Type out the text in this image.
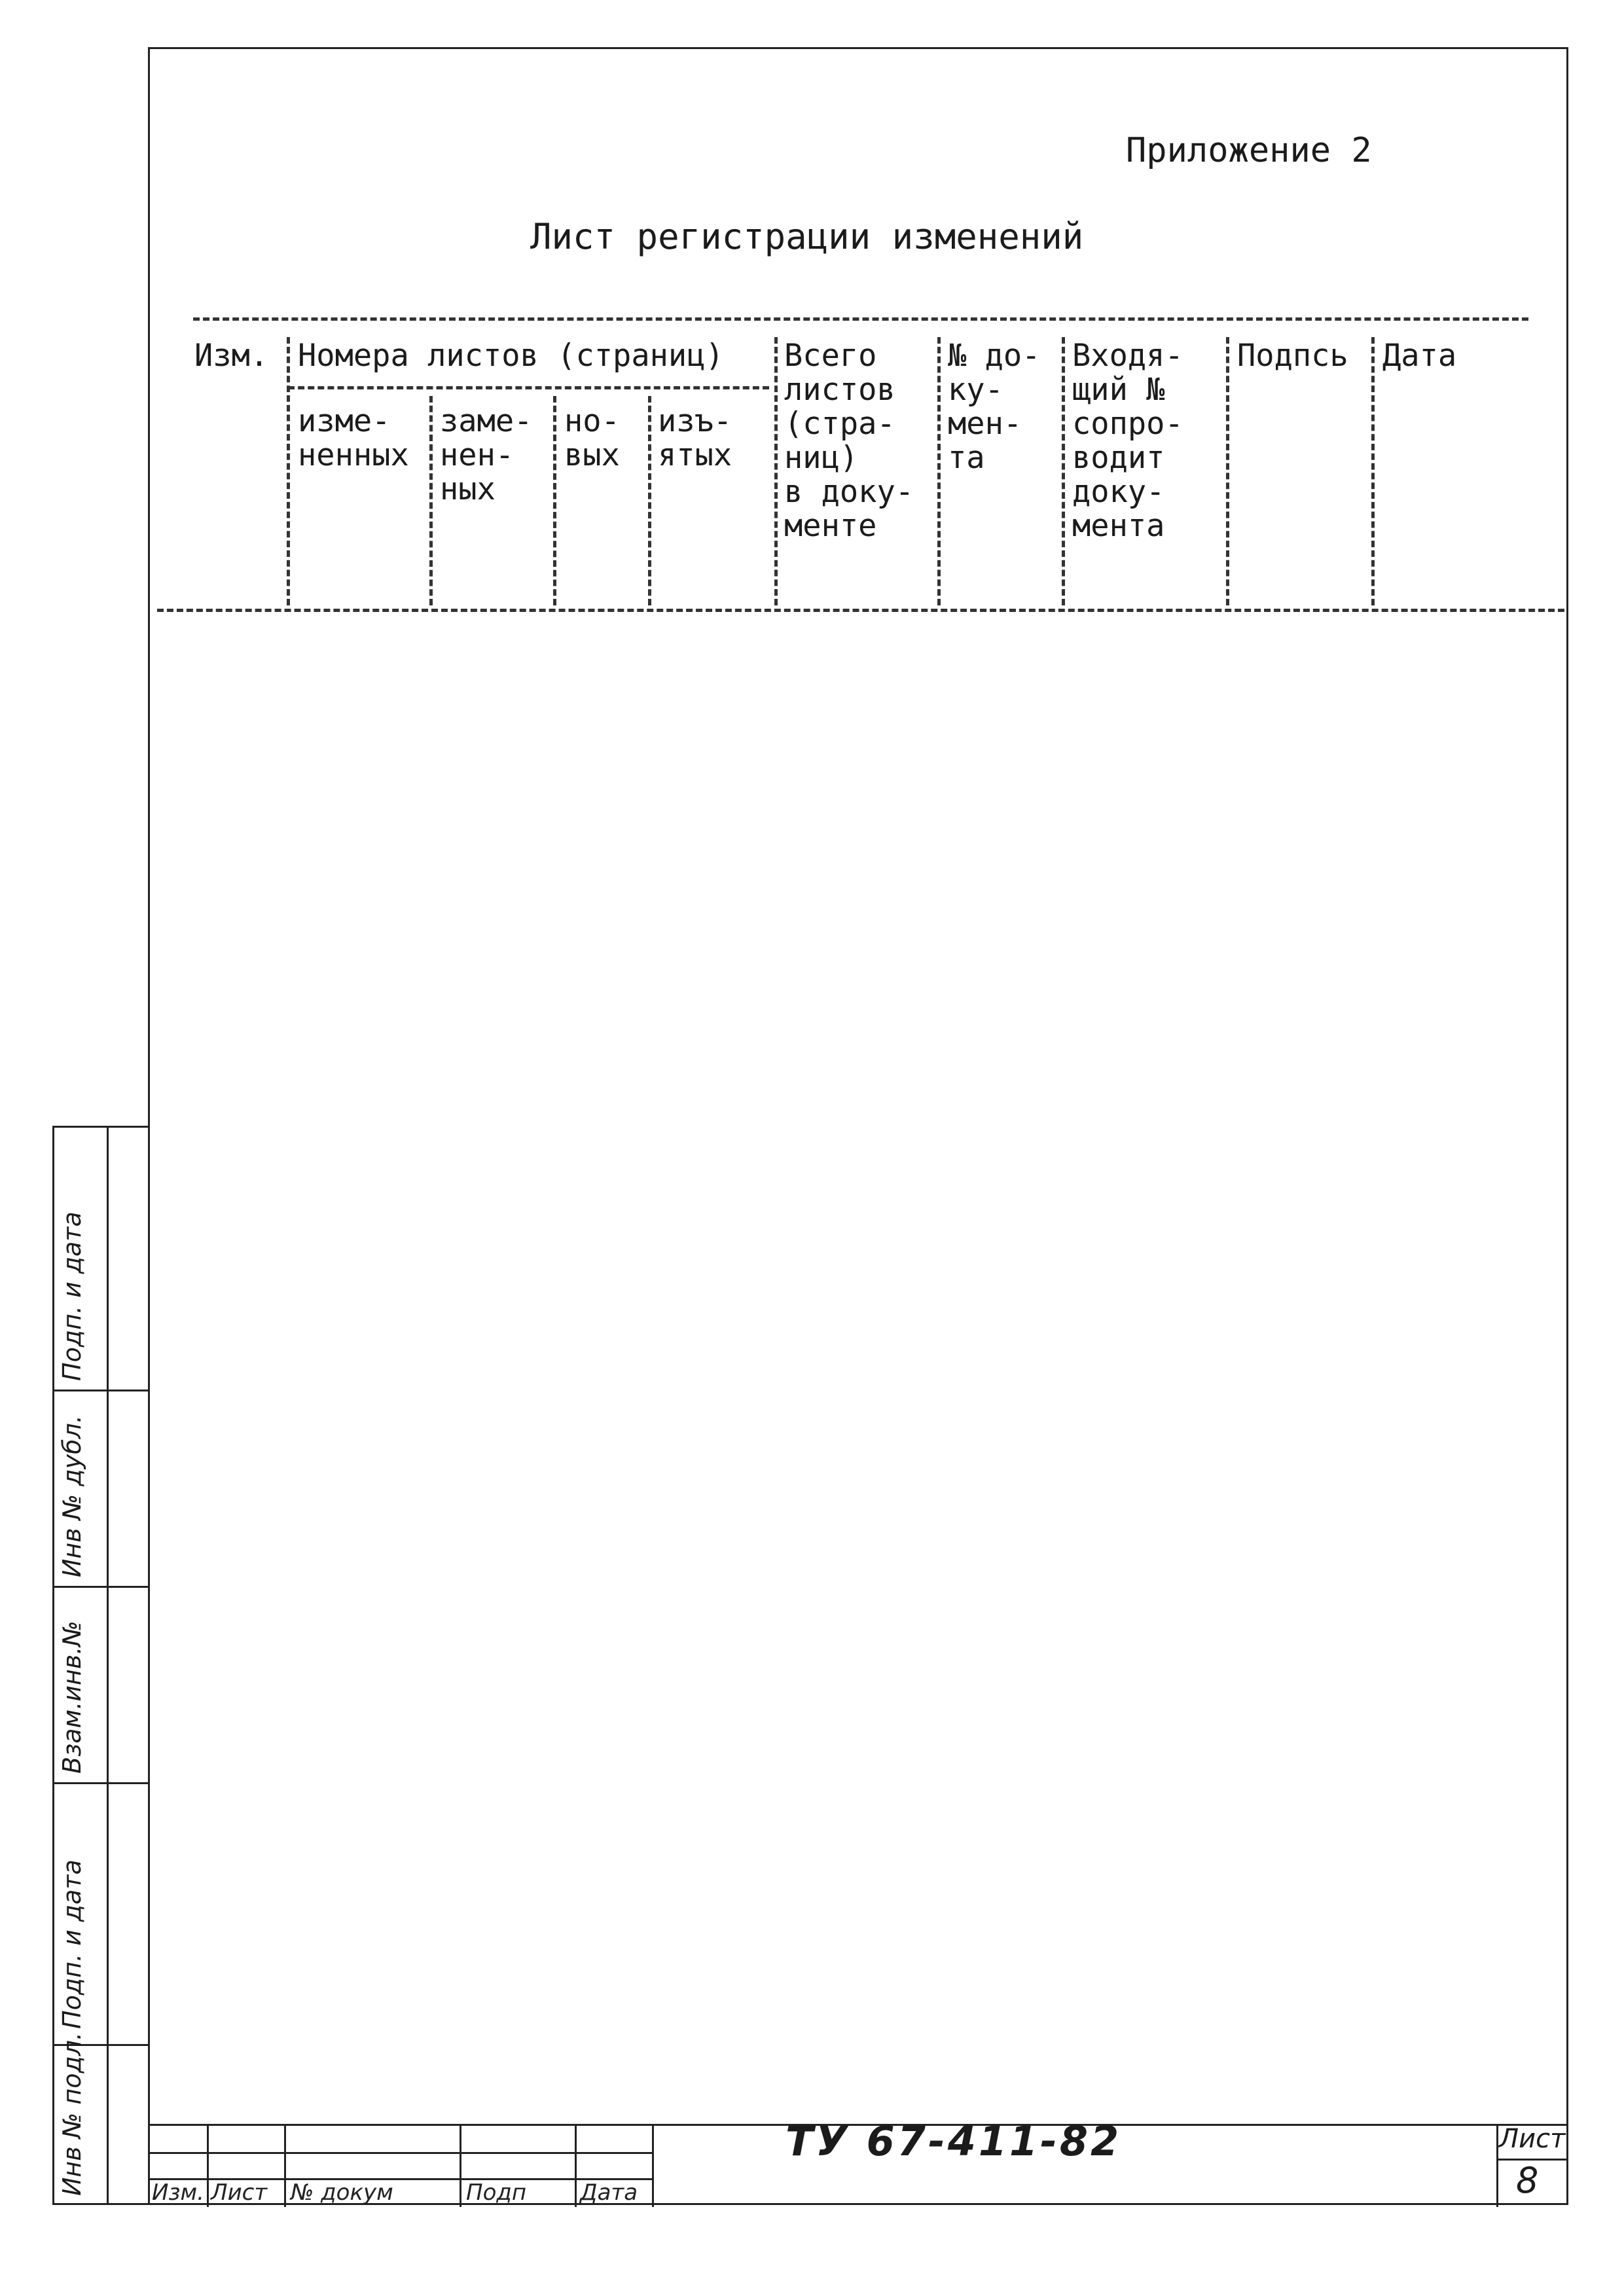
Приложение 2
Лист регистрации изменений
Изм. Номера листов (страниц)
изме-
ненных
заме-
нен-
ных
но-
вых
изъ-
ятых
Всего
листов
(стра-
ниц)
в доку-
менте
№ до-
ку-
мен-
та
Входя-
щий №
сопро-
водит
доку-
мента
Подпсь Дата
Изм. Лист № докум	Подп Дата
ТУ 67-411-82	Лист
8
Подп. и дата
Инв № дубл.
Взам.инв.№
Подп. и дата
Инв № подл.
